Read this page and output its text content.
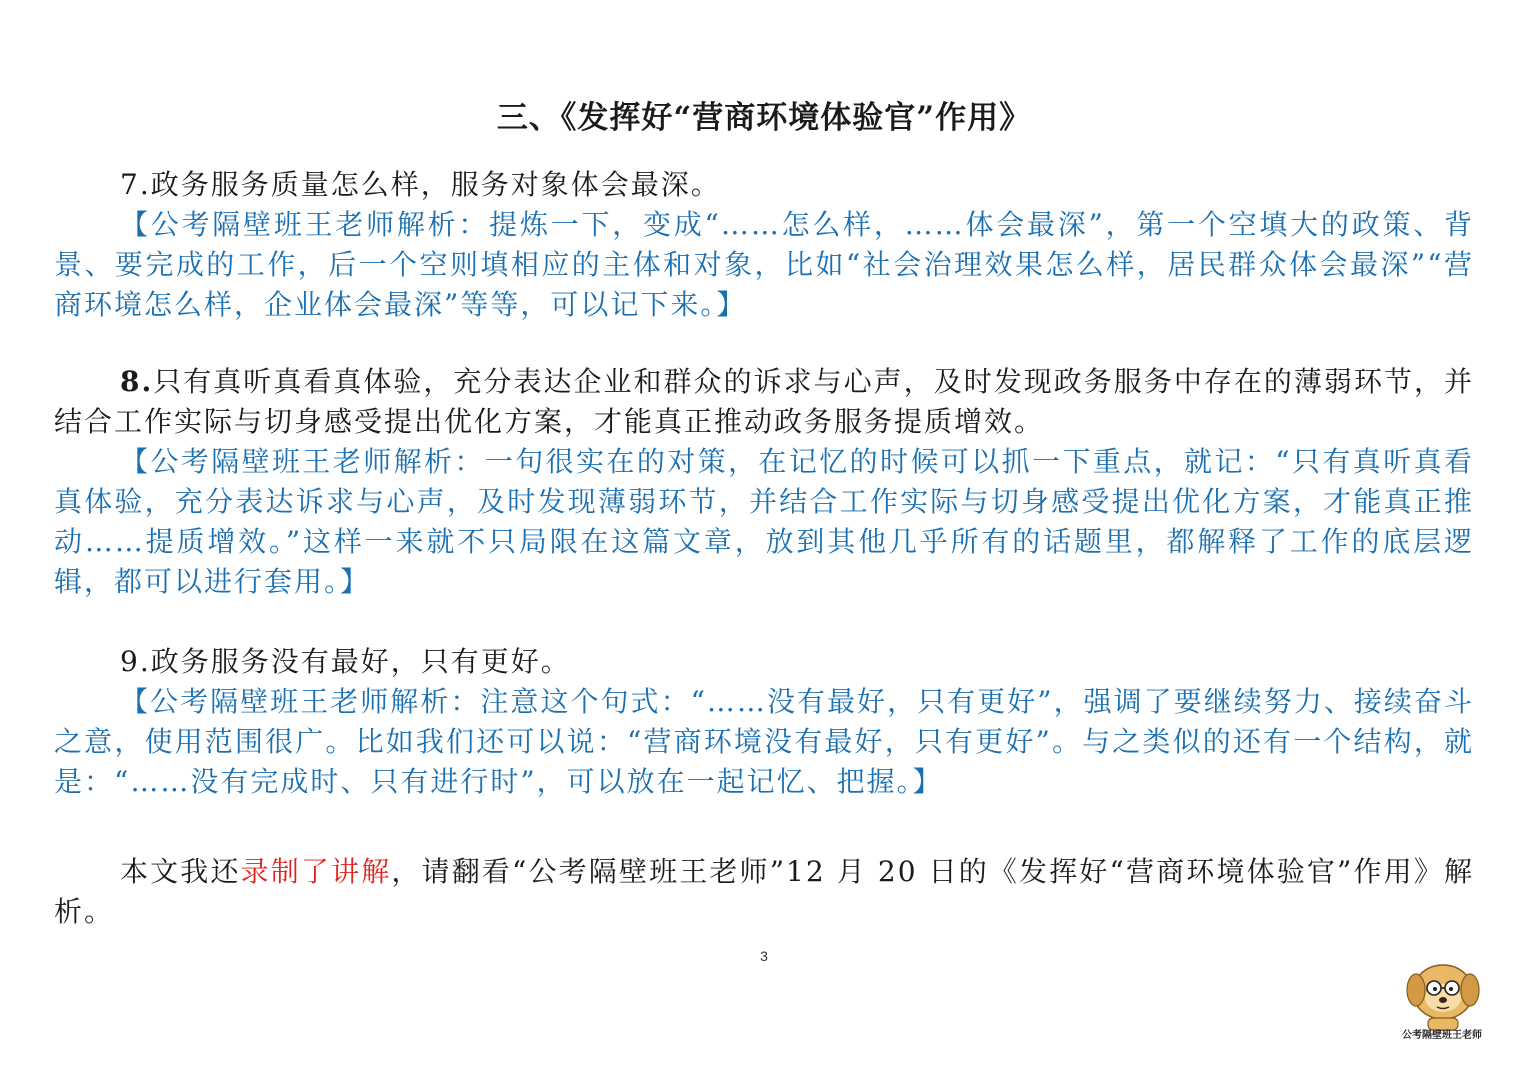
三、《发挥好“营商环境体验官”作用》

7.政务服务质量怎么样，服务对象体会最深。

【公考隔壁班王老师解析：提炼一下，变成“……怎么样，……体会最深”，第一个空填大的政策、背景、要完成的工作，后一个空则填相应的主体和对象，比如“社会治理效果怎么样，居民群众体会最深”“营商环境怎么样，企业体会最深”等等，可以记下来。】

8.只有真听真看真体验，充分表达企业和群众的诉求与心声，及时发现政务服务中存在的薄弱环节，并结合工作实际与切身感受提出优化方案，才能真正推动政务服务提质增效。

【公考隔壁班王老师解析：一句很实在的对策，在记忆的时候可以抓一下重点，就记：“只有真听真看真体验，充分表达诉求与心声，及时发现薄弱环节，并结合工作实际与切身感受提出优化方案，才能真正推动……提质增效。”这样一来就不只局限在这篇文章，放到其他几乎所有的话题里，都解释了工作的底层逻辑，都可以进行套用。】

9.政务服务没有最好，只有更好。

【公考隔壁班王老师解析：注意这个句式：“……没有最好，只有更好”，强调了要继续努力、接续奋斗之意，使用范围很广。比如我们还可以说：“营商环境没有最好，只有更好”。与之类似的还有一个结构，就是：“……没有完成时、只有进行时”，可以放在一起记忆、把握。】

本文我还录制了讲解，请翻看“公考隔壁班王老师”12 月 20 日的《发挥好“营商环境体验官”作用》解析。

3
公考隔壁班王老师
